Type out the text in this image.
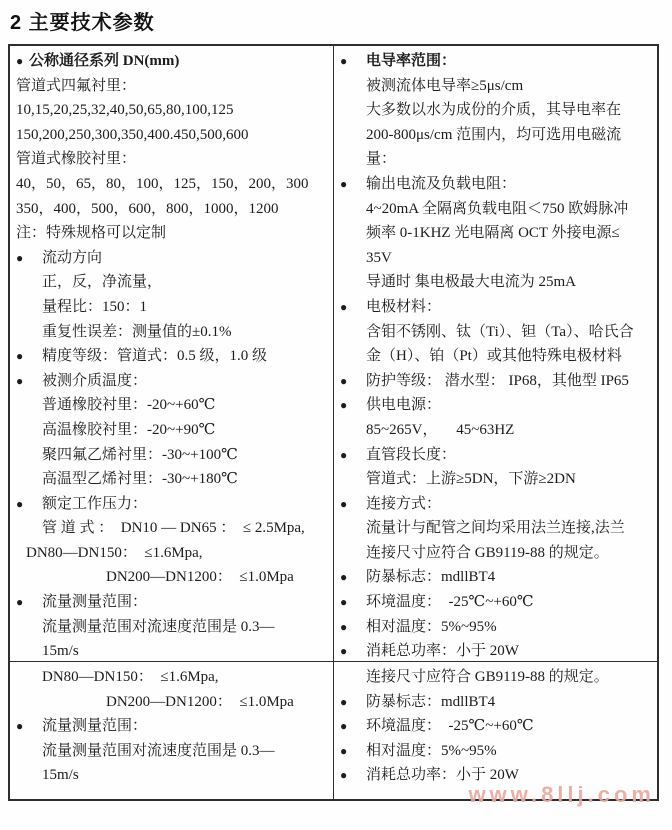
2 主要技术参数
● 公称通径系列 DN(mm)
管道式四氟衬里：
10,15,20,25,32,40,50,65,80,100,125
150,200,250,300,350,400.450,500,600
管道式橡胶衬里：
40，50，65，80，100，125，150，200，300
350，400，500，600，800，1000，1200
注：特殊规格可以定制
●	流动方向
正，反，净流量，
量程比：150：1
重复性误差：测量值的±0.1%
●	精度等级：管道式：0.5 级，1.0 级
●	被测介质温度：
普通橡胶衬里：-20~+60℃
高温橡胶衬里：-20~+90℃
聚四氟乙烯衬里：-30~+100℃
高温型乙烯衬里：-30~+180℃
●	额定工作压力：
管 道 式 ：  DN10 — DN65 ：  ≤ 2.5Mpa,
DN80—DN150：  ≤1.6Mpa,
DN200—DN1200：  ≤1.0Mpa
●	流量测量范围：
流量测量范围对流速度范围是 0.3—
15m/s
●	电导率范围：
被测流体电导率≥5μs/cm
大多数以水为成份的介质，其导电率在
200-800μs/cm 范围内，均可选用电磁流
量：
●	输出电流及负载电阻：
4~20mA 全隔离负载电阻＜750 欧姆脉冲
频率 0-1KHZ 光电隔离 OCT 外接电源≤
35V
导通时 集电极最大电流为 25mA
●	电极材料：
含钼不锈刚、钛（Ti）、钽（Ta）、哈氏合
金（H）、铂（Pt）或其他特殊电极材料
●	防护等级： 潜水型： IP68，其他型 IP65
●	供电电源：
85~265V，     45~63HZ
●	直管段长度：
管道式：上游≥5DN，下游≥2DN
●	连接方式：
流量计与配管之间均采用法兰连接,法兰
连接尺寸应符合 GB9119-88 的规定。
●	防暴标志：mdllBT4
●	环境温度：  -25℃~+60℃
●	相对温度：5%~95%
●	消耗总功率：小于 20W
DN80—DN150：  ≤1.6Mpa,
DN200—DN1200：  ≤1.0Mpa
●	流量测量范围：
流量测量范围对流速度范围是 0.3—
15m/s
连接尺寸应符合 GB9119-88 的规定。
●	防暴标志：mdllBT4
●	环境温度：  -25℃~+60℃
●	相对温度：5%~95%
●	消耗总功率：小于 20W
www.8llj.com
